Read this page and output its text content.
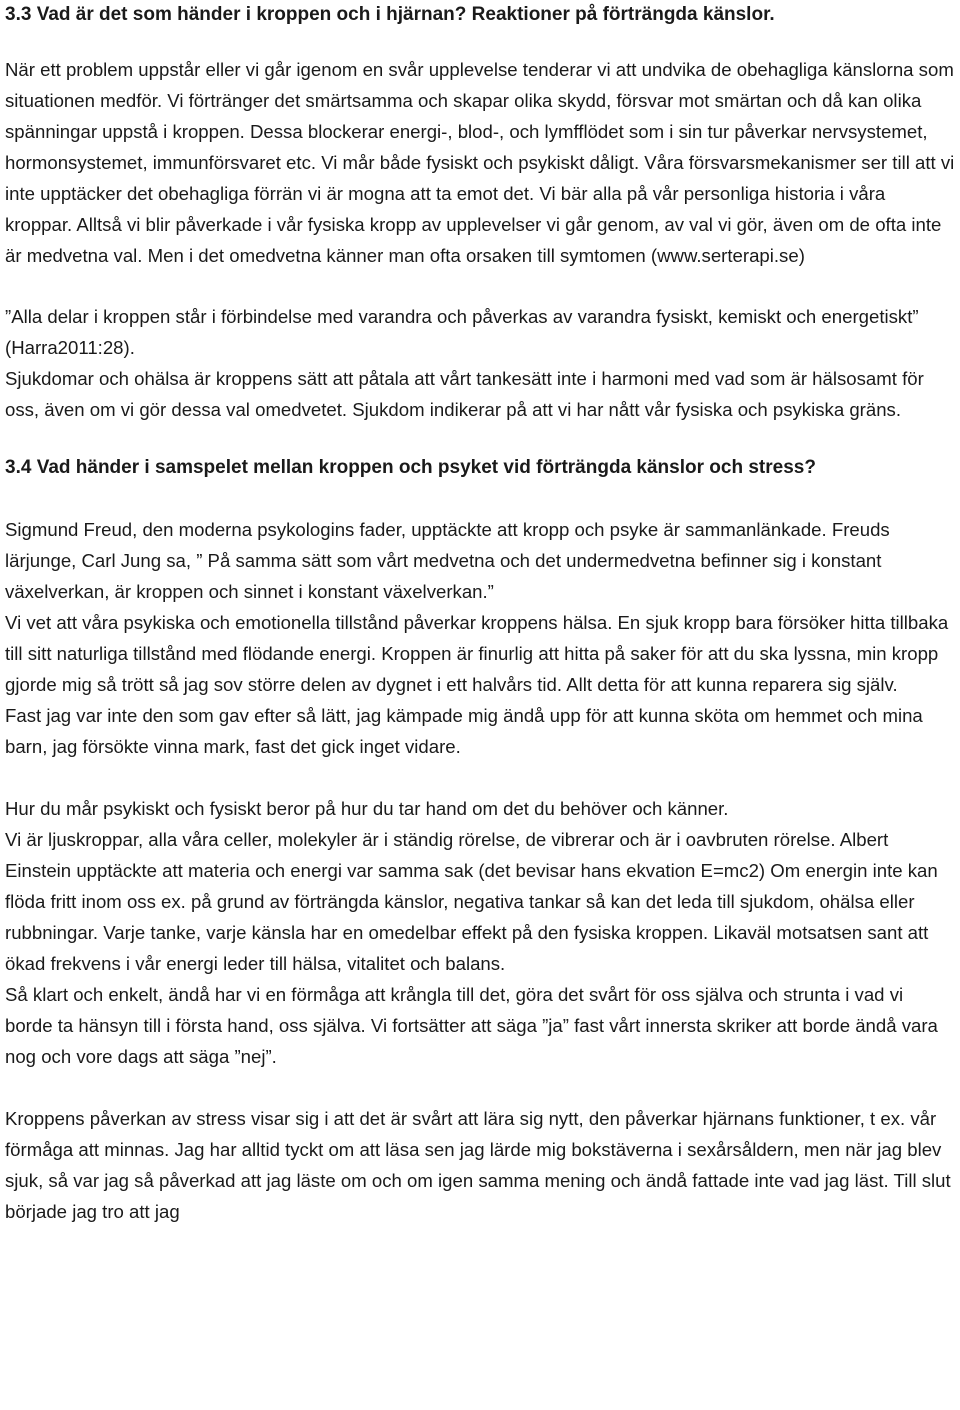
3.3 Vad är det som händer i kroppen och i hjärnan? Reaktioner på förträngda känslor.

När ett problem uppstår eller vi går igenom en svår upplevelse tenderar vi att undvika de obehagliga känslorna som situationen medför. Vi förtränger det smärtsamma och skapar olika skydd, försvar mot smärtan och då kan olika spänningar uppstå i kroppen. Dessa blockerar energi-, blod-, och lymfflödet som i sin tur påverkar nervsystemet, hormonsystemet, immunförsvaret etc. Vi mår både fysiskt och psykiskt dåligt. Våra försvarsmekanismer ser till att vi inte upptäcker det obehagliga förrän vi är mogna att ta emot det. Vi bär alla på vår personliga historia i våra kroppar. Alltså vi blir påverkade i vår fysiska kropp av upplevelser vi går genom, av val vi gör, även om de ofta inte är medvetna val. Men i det omedvetna känner man ofta orsaken till symtomen (www.serterapi.se)

”Alla delar i kroppen står i förbindelse med varandra och påverkas av varandra fysiskt, kemiskt och energetiskt” (Harra2011:28).

Sjukdomar och ohälsa är kroppens sätt att påtala att vårt tankesätt inte i harmoni med vad som är hälsosamt för oss, även om vi gör dessa val omedvetet. Sjukdom indikerar på att vi har nått vår fysiska och psykiska gräns.

3.4 Vad händer i samspelet mellan kroppen och psyket vid förträngda känslor och stress?

Sigmund Freud, den moderna psykologins fader, upptäckte att kropp och psyke är sammanlänkade. Freuds lärjunge, Carl Jung sa, ” På samma sätt som vårt medvetna och det undermedvetna befinner sig i konstant växelverkan, är kroppen och sinnet i konstant växelverkan.”

Vi vet att våra psykiska och emotionella tillstånd påverkar kroppens hälsa. En sjuk kropp bara försöker hitta tillbaka till sitt naturliga tillstånd med flödande energi. Kroppen är finurlig att hitta på saker för att du ska lyssna, min kropp gjorde mig så trött så jag sov större delen av dygnet i ett halvårs tid. Allt detta för att kunna reparera sig själv.

Fast jag var inte den som gav efter så lätt, jag kämpade mig ändå upp för att kunna sköta om hemmet och mina barn, jag försökte vinna mark, fast det gick inget vidare.

Hur du mår psykiskt och fysiskt beror på hur du tar hand om det du behöver och känner.

Vi är ljuskroppar, alla våra celler, molekyler är i ständig rörelse, de vibrerar och är i oavbruten rörelse. Albert Einstein upptäckte att materia och energi var samma sak (det bevisar hans ekvation E=mc2) Om energin inte kan flöda fritt inom oss ex. på grund av förträngda känslor, negativa tankar så kan det leda till sjukdom, ohälsa eller rubbningar. Varje tanke, varje känsla har en omedelbar effekt på den fysiska kroppen. Likaväl motsatsen sant att ökad frekvens i vår energi leder till hälsa, vitalitet och balans.

Så klart och enkelt, ändå har vi en förmåga att krångla till det, göra det svårt för oss själva och strunta i vad vi borde ta hänsyn till i första hand, oss själva. Vi fortsätter att säga ”ja” fast vårt innersta skriker att borde ändå vara nog och vore dags att säga ”nej”.

Kroppens påverkan av stress visar sig i att det är svårt att lära sig nytt, den påverkar hjärnans funktioner, t ex. vår förmåga att minnas. Jag har alltid tyckt om att läsa sen jag lärde mig bokstäverna i sexårsåldern, men när jag blev sjuk, så var jag så påverkad att jag läste om och om igen samma mening och ändå fattade inte vad jag läst. Till slut började jag tro att jag
